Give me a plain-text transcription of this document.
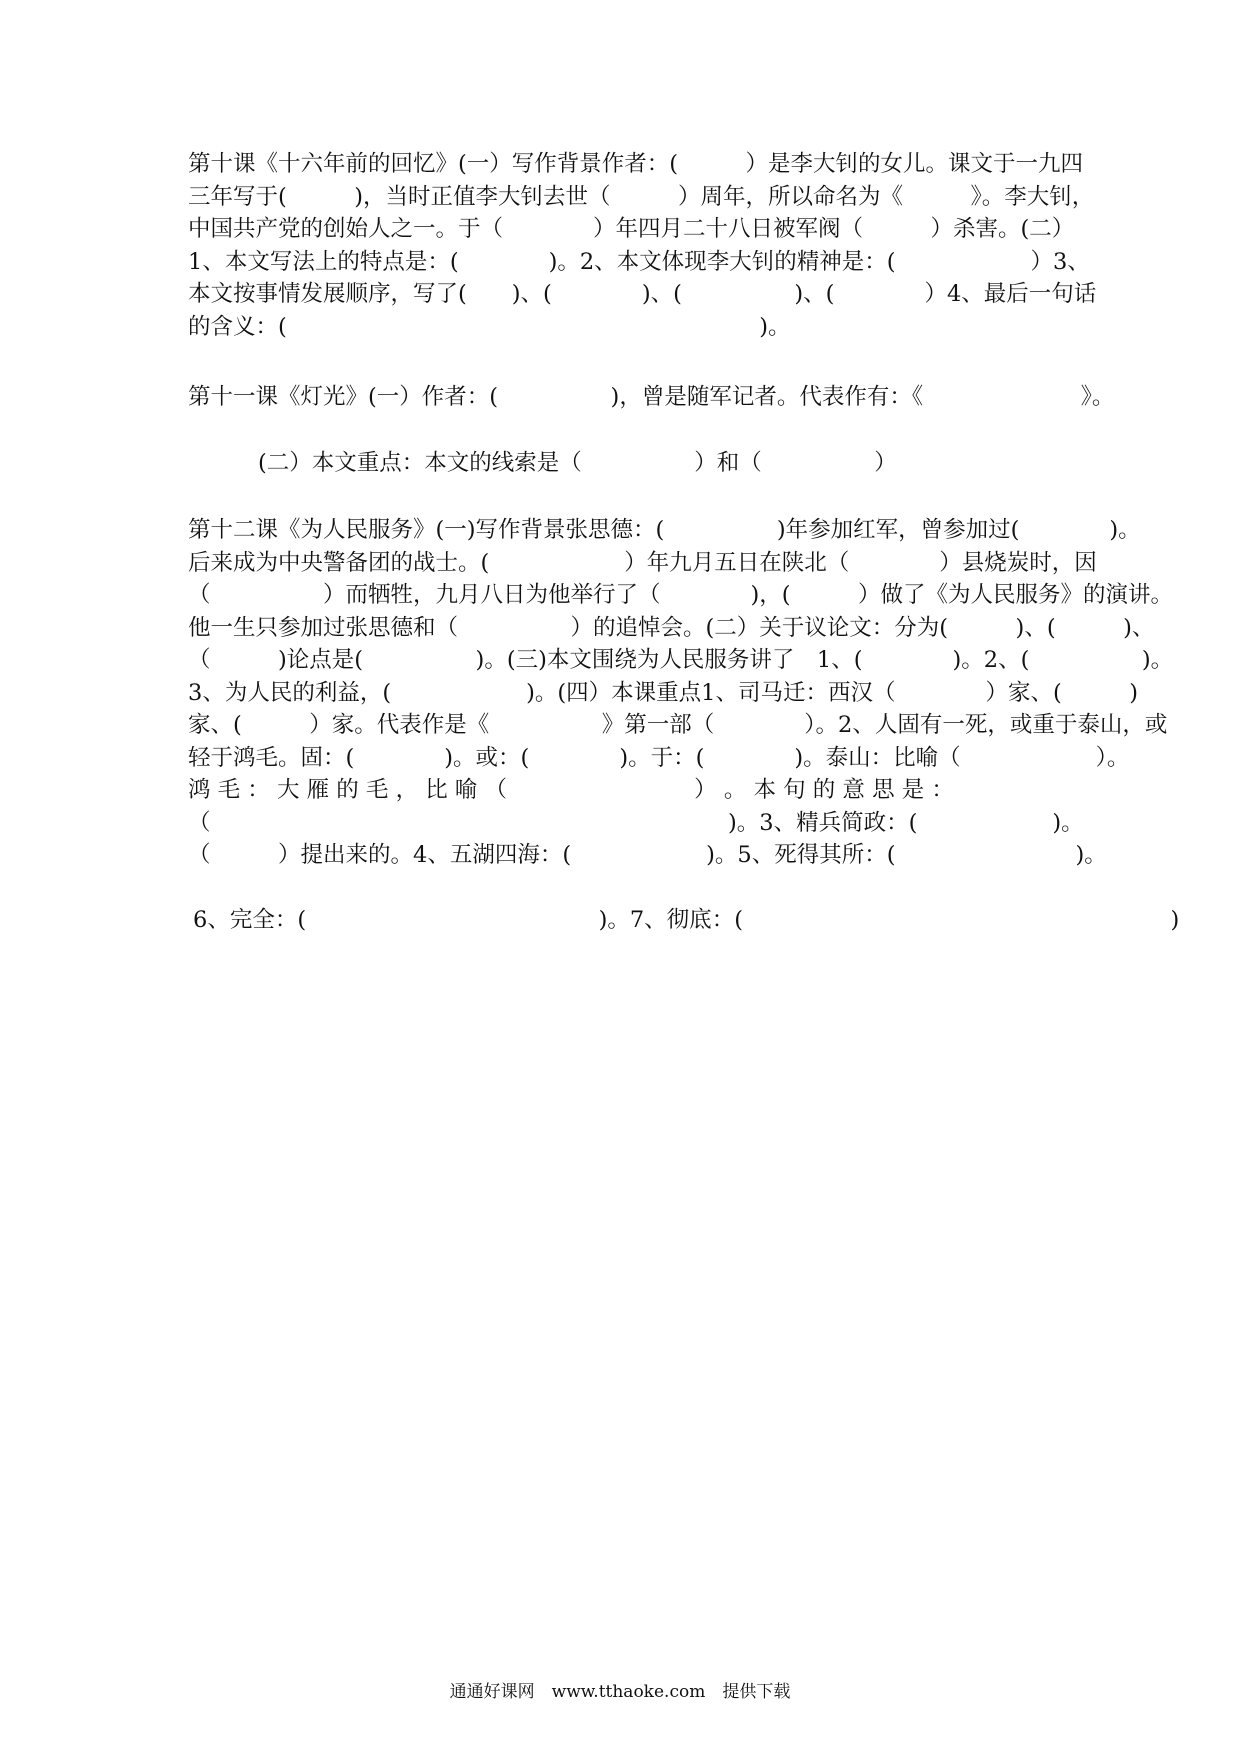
第十课《十六年前的回忆》(一）写作背景作者：(　　　）是李大钊的女儿。课文于一九四
三年写于(　　　)，当时正值李大钊去世（　　　）周年，所以命名为《　　　》。李大钊，
中国共产党的创始人之一。于（　　　　）年四月二十八日被军阀（　　　）杀害。(二）
1、本文写法上的特点是：(　　　　)。2、本文体现李大钊的精神是：(　　　　　　）3、
本文按事情发展顺序，写了(　　)、(　　　　)、(　　　　　)、(　　　　）4、最后一句话
的含义：(　　　　　　　　　　　　　　　　　　　　　)。
第十一课《灯光》(一）作者：(　　　　　)，曾是随军记者。代表作有：《　　　　　　　》。
(二）本文重点：本文的线索是（　　　　　）和（　　　　　）
第十二课《为人民服务》(一)写作背景张思德：(　　　　　)年参加红军，曾参加过(　　　　)。
后来成为中央警备团的战士。(　　　　　　）年九月五日在陕北（　　　　）县烧炭时，因
（　　　　　）而牺牲，九月八日为他举行了（　　　　)，(　　　）做了《为人民服务》的演讲。
他一生只参加过张思德和（　　　　　）的追悼会。(二）关于议论文：分为(　　　)、(　　　)、
（　　　)论点是(　　　　　)。(三)本文围绕为人民服务讲了　1、(　　　　)。2、(　　　　　)。
3、为人民的利益，(　　　　　　)。(四）本课重点1、司马迁：西汉（　　　　）家、(　　　)
家、(　　　）家。代表作是《　　　　　》第一部（　　　　）。2、人固有一死，或重于泰山，或
轻于鸿毛。固：(　　　　)。或：(　　　　)。于：(　　　　)。泰山：比喻（　　　　　　）。
鸿 毛 ： 大 雁 的 毛 ， 比 喻 （　　　　　　　　 ） 。 本 句 的 意 思 是 ：
（　　　　　　　　　　　　　　　　　　　　　　　)。3、精兵简政：(　　　　　　)。
（　　　）提出来的。4、五湖四海：(　　　　　　)。5、死得其所：(　　　　　　　　)。
6、完全：(　　　　　　　　　　　　　)。7、彻底：(　　　　　　　　　　　　　　　　　　　)
通通好课网　www.tthaoke.com　提供下载
